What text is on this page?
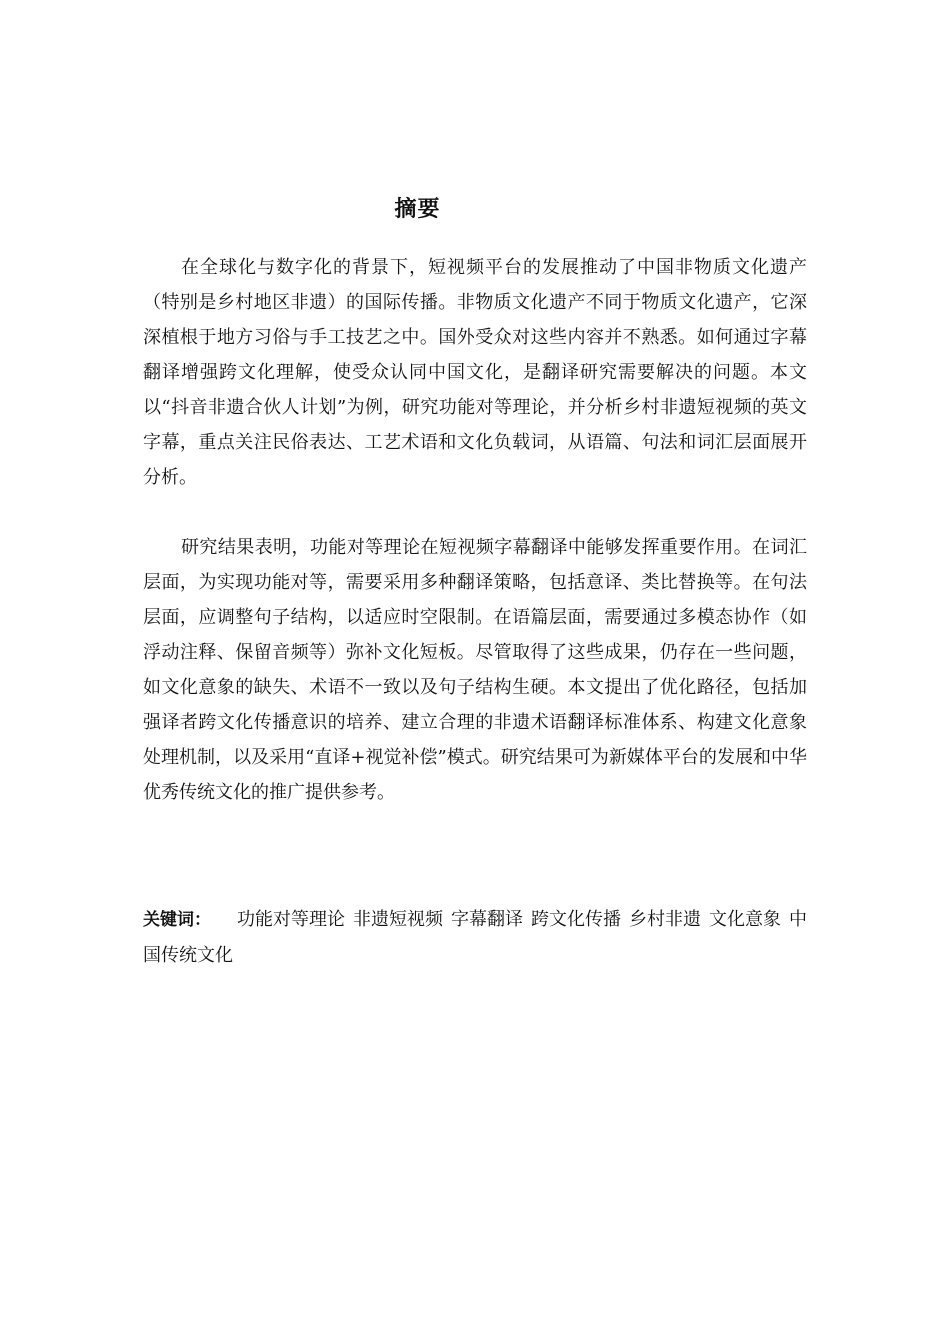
摘要

在全球化与数字化的背景下，短视频平台的发展推动了中国非物质文化遗产（特别是乡村地区非遗）的国际传播。非物质文化遗产不同于物质文化遗产，它深深植根于地方习俗与手工技艺之中。国外受众对这些内容并不熟悉。如何通过字幕翻译增强跨文化理解，使受众认同中国文化，是翻译研究需要解决的问题。本文以“抖音非遗合伙人计划”为例，研究功能对等理论，并分析乡村非遗短视频的英文字幕，重点关注民俗表达、工艺术语和文化负载词，从语篇、句法和词汇层面展开分析。

研究结果表明，功能对等理论在短视频字幕翻译中能够发挥重要作用。在词汇层面，为实现功能对等，需要采用多种翻译策略，包括意译、类比替换等。在句法层面，应调整句子结构，以适应时空限制。在语篇层面，需要通过多模态协作（如浮动注释、保留音频等）弥补文化短板。尽管取得了这些成果，仍存在一些问题，如文化意象的缺失、术语不一致以及句子结构生硬。本文提出了优化路径，包括加强译者跨文化传播意识的培养、建立合理的非遗术语翻译标准体系、构建文化意象处理机制，以及采用“直译+视觉补偿”模式。研究结果可为新媒体平台的发展和中华优秀传统文化的推广提供参考。

关键词： 功能对等理论 非遗短视频 字幕翻译 跨文化传播 乡村非遗 文化意象 中国传统文化
